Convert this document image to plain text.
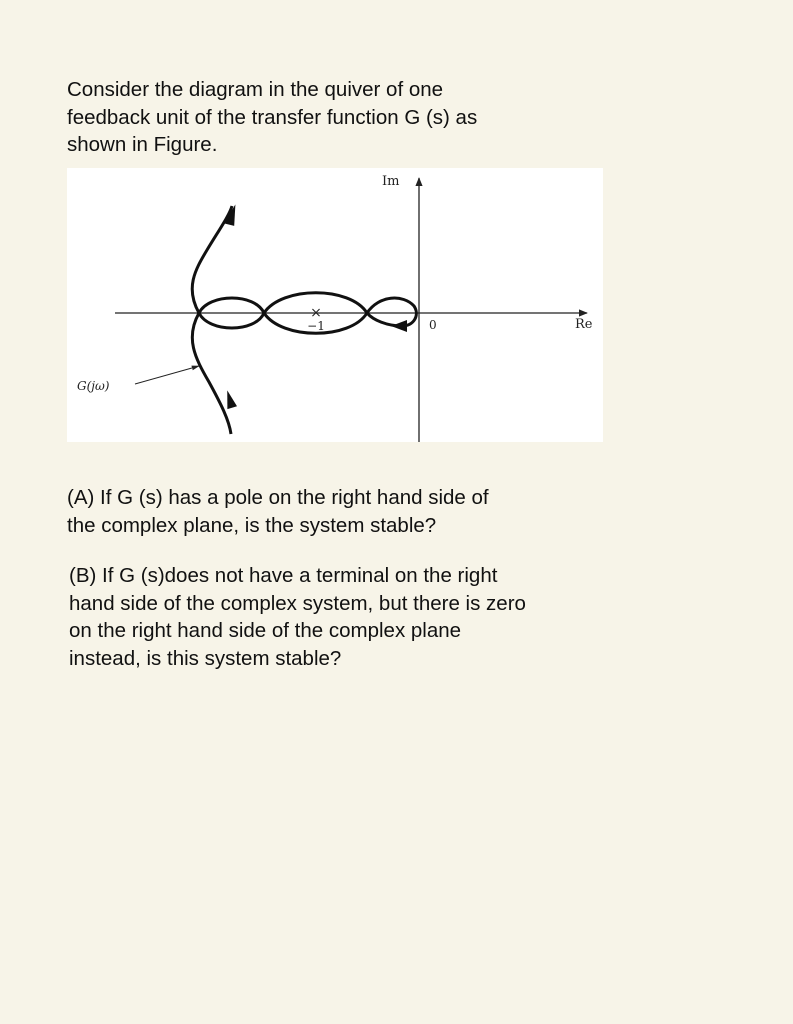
Consider the diagram in the quiver of one
feedback unit of the transfer function G (s) as
shown in Figure.

×
−1
Im
Re
0
G(jω)

(A) If G (s) has a pole on the right hand side of
the complex plane, is the system stable?

(B) If G (s)does not have a terminal on the right
hand side of the complex system, but there is zero
on the right hand side of the complex plane
instead, is this system stable?
